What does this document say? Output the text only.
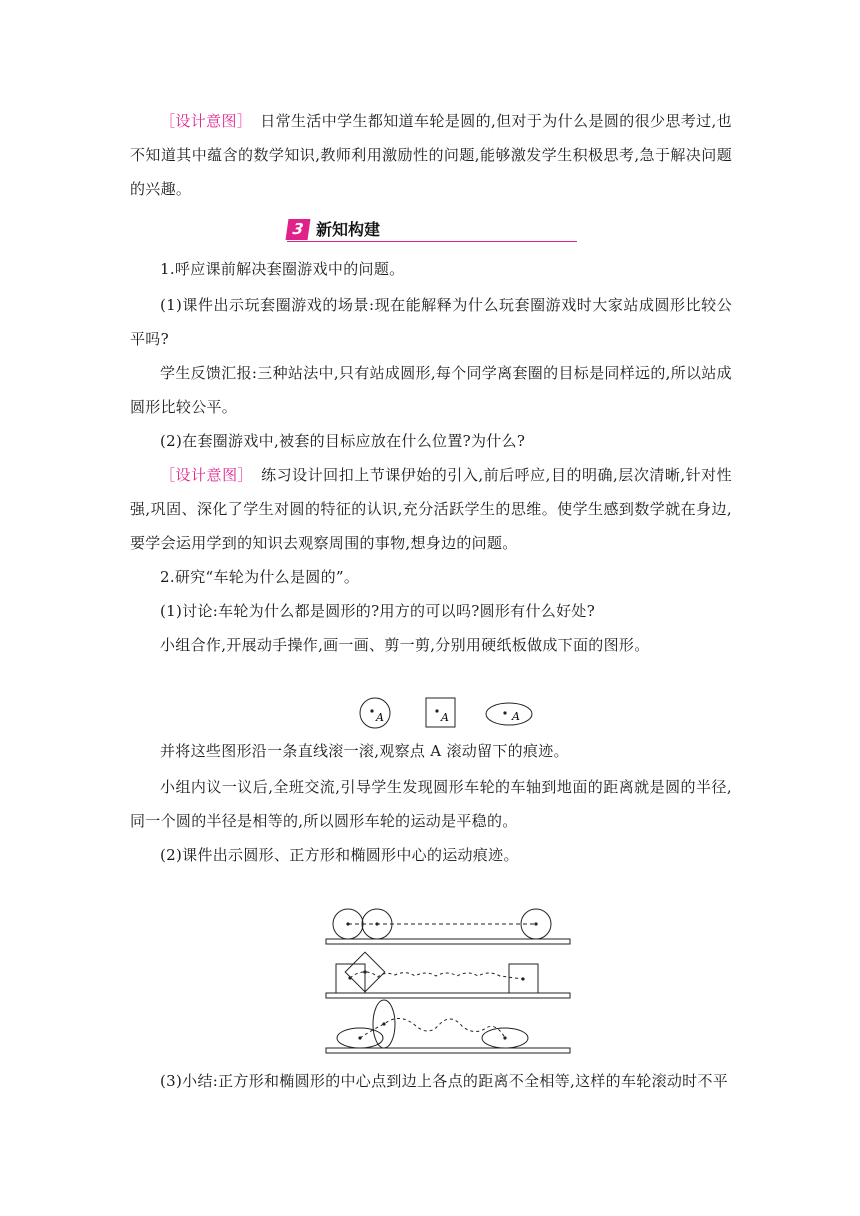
［设计意图］　日常生活中学生都知道车轮是圆的,但对于为什么是圆的很少思考过,也不知道其中蕴含的数学知识,教师利用激励性的问题,能够激发学生积极思考,急于解决问题的兴趣。

3 新知构建

1.呼应课前解决套圈游戏中的问题。

(1)课件出示玩套圈游戏的场景:现在能解释为什么玩套圈游戏时大家站成圆形比较公平吗?

学生反馈汇报:三种站法中,只有站成圆形,每个同学离套圈的目标是同样远的,所以站成圆形比较公平。

(2)在套圈游戏中,被套的目标应放在什么位置?为什么?

［设计意图］　练习设计回扣上节课伊始的引入,前后呼应,目的明确,层次清晰,针对性强,巩固、深化了学生对圆的特征的认识,充分活跃学生的思维。使学生感到数学就在身边,要学会运用学到的知识去观察周围的事物,想身边的问题。

2.研究“车轮为什么是圆的”。

(1)讨论:车轮为什么都是圆形的?用方的可以吗?圆形有什么好处?

小组合作,开展动手操作,画一画、剪一剪,分别用硬纸板做成下面的图形。

A	A	A

并将这些图形沿一条直线滚一滚,观察点 A 滚动留下的痕迹。

小组内议一议后,全班交流,引导学生发现圆形车轮的车轴到地面的距离就是圆的半径,同一个圆的半径是相等的,所以圆形车轮的运动是平稳的。

(2)课件出示圆形、正方形和椭圆形中心的运动痕迹。

(3)小结:正方形和椭圆形的中心点到边上各点的距离不全相等,这样的车轮滚动时不平
